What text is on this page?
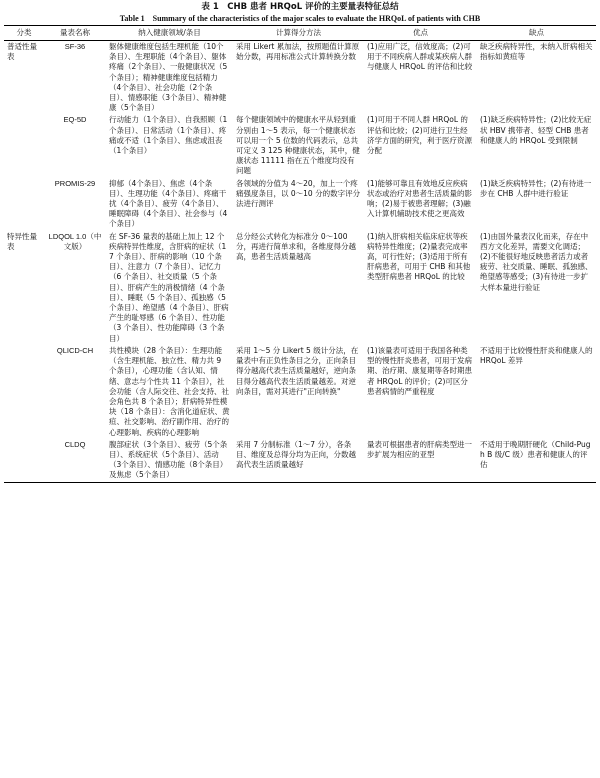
表 1　CHB 患者 HRQoL 评价的主要量表特征总结
Table 1　Summary of the characteristics of the major scales to evaluate the HRQoL of patients with CHB
分类	量表名称	纳入健康领域/条目	计算得分方法	优点	缺点
普适性量表	SF-36	躯体健康维度包括生理机能（10个条目）、生理职能（4个条目）、躯体疼痛（2个条目）、一般健康状况（5个条目）；精神健康维度包括精力（4个条目）、社会功能（2个条目）、情感职能（3个条目）、精神健康（5个条目）	采用 Likert 累加法，按照题值计算原始分数，再用标准公式计算转换分数	(1)应用广泛，信效度高；(2)可用于不同疾病人群或某疾病人群与健康人 HRQoL 的评估和比较	缺乏疾病特异性，未纳入肝病相关指标如黄疸等
	EQ-5D	行动能力（1个条目）、自我照顾（1个条目）、日常活动（1个条目）、疼痛或不适（1个条目）、焦虑或沮丧（1个条目）	每个健康领域中的健康水平从轻到重分别由 1～5 表示，每一个健康状态可以用一个 5 位数的代码表示，总共可定义 3 125 种健康状态，其中，健康状态 11111 指在五个维度均没有问题	(1)可用于不同人群 HRQoL 的评估和比较；(2)可进行卫生经济学方面的研究，利于医疗资源分配	(1)缺乏疾病特异性；(2)比较无症状 HBV 携带者、轻型 CHB 患者和健康人的 HRQoL 受到限制
	PROMIS-29	抑郁（4个条目）、焦虑（4个条目）、生理功能（4个条目）、疼痛干扰（4个条目）、疲劳（4个条目）、睡眠障碍（4个条目）、社会参与（4个条目）	各领域的分值为 4～20，加上一个疼痛强度条目，以 0～10 分的数字评分法进行测评	(1)能够可靠且有效地反应疾病状态或治疗对患者生活质量的影响；(2)易于被患者理解；(3)融入计算机辅助技术使之更高效	(1)缺乏疾病特异性；(2)有待进一步在 CHB 人群中进行验证
特异性量表	LDQOL 1.0（中文版）	在 SF-36 量表的基础上加上 12 个疾病特异性维度，含肝病的症状（17 个条目）、肝病的影响（10 个条目）、注意力（7 个条目）、记忆力（6 个条目）、社交质量（5 个条目）、肝病产生的消极情绪（4 个条目）、睡眠（5 个条目）、孤独感（5 个条目）、绝望感（4 个条目）、肝病产生的耻辱感（6 个条目）、性功能（3 个条目）、性功能障碍（3 个条目）	总分经公式转化为标准分 0～100 分，再进行简单求和，各维度得分越高，患者生活质量越高	(1)纳入肝病相关临床症状等疾病特异性维度；(2)量表完成率高，可行性好；(3)适用于所有肝病患者，可用于 CHB 和其他类型肝病患者 HRQoL 的比较	(1)由国外量表汉化而来，存在中西方文化差异，需要文化调适；(2)不能很好地反映患者活力或者疲劳、社交质量、睡眠、孤独感、绝望感等感受；(3)有待进一步扩大样本量进行验证
	QLICD-CH	共性模块（28 个条目）：生理功能（含生理机能、独立性、精力共 9 个条目），心理功能（含认知、情绪、意志与个性共 11 个条目），社会功能（含人际交往、社会支持、社会角色共 8 个条目）；肝病特异性模块（18 个条目）：含消化道症状、黄疸、社交影响、治疗副作用、治疗的心理影响、疾病的心理影响	采用 1～5 分 Likert 5 级计分法，在量表中有正负性条目之分，正向条目得分越高代表生活质量越好，逆向条目得分越高代表生活质量越差。对逆向条目，需对其进行"正向转换"	(1)该量表可适用于我国各种类型的慢性肝炎患者，可用于发病期、治疗期、康复期等各时期患者 HRQoL 的评价；(2)可区分患者病情的严重程度	不适用于比较慢性肝炎和健康人的 HRQoL 差异
	CLDQ	腹部症状（3个条目）、疲劳（5个条目）、系统症状（5个条目）、活动（3个条目）、情感功能（8个条目）及焦虑（5个条目）	采用 7 分制标准（1～7 分），各条目、维度及总得分均为正向，分数越高代表生活质量越好	量表可根据患者的肝病类型进一步扩展为相应的亚型	不适用于晚期肝硬化（Child-Pugh B 级/C 级）患者和健康人的评估
